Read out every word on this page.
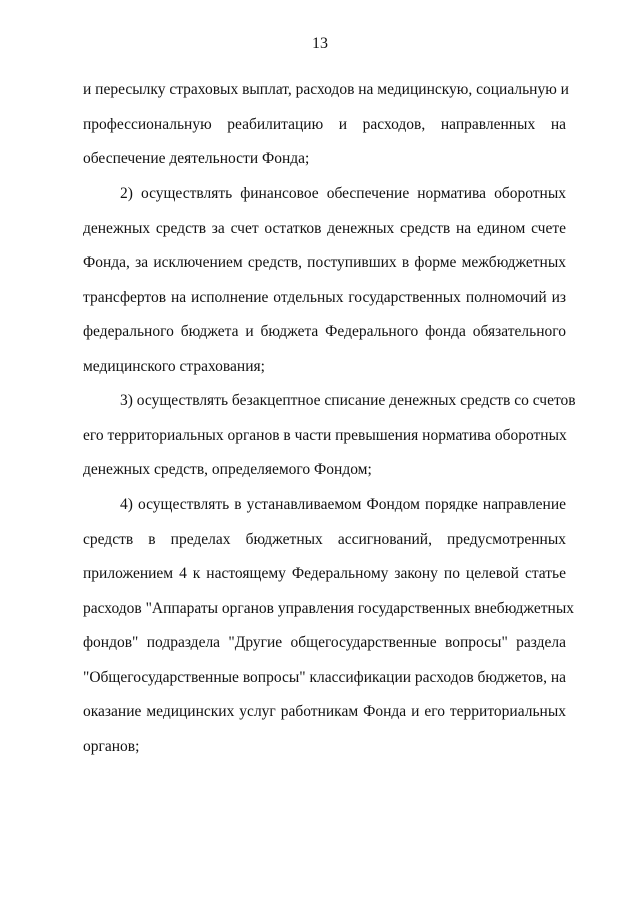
13
и пересылку страховых выплат, расходов на медицинскую, социальную и
профессиональную реабилитацию и расходов, направленных на
обеспечение деятельности Фонда;
2) осуществлять финансовое обеспечение норматива оборотных
денежных средств за счет остатков денежных средств на едином счете
Фонда, за исключением средств, поступивших в форме межбюджетных
трансфертов на исполнение отдельных государственных полномочий из
федерального бюджета и бюджета Федерального фонда обязательного
медицинского страхования;
3) осуществлять безакцептное списание денежных средств со счетов
его территориальных органов в части превышения норматива оборотных
денежных средств, определяемого Фондом;
4) осуществлять в устанавливаемом Фондом порядке направление
средств в пределах бюджетных ассигнований, предусмотренных
приложением 4 к настоящему Федеральному закону по целевой статье
расходов "Аппараты органов управления государственных внебюджетных
фондов" подраздела "Другие общегосударственные вопросы" раздела
"Общегосударственные вопросы" классификации расходов бюджетов, на
оказание медицинских услуг работникам Фонда и его территориальных
органов;
